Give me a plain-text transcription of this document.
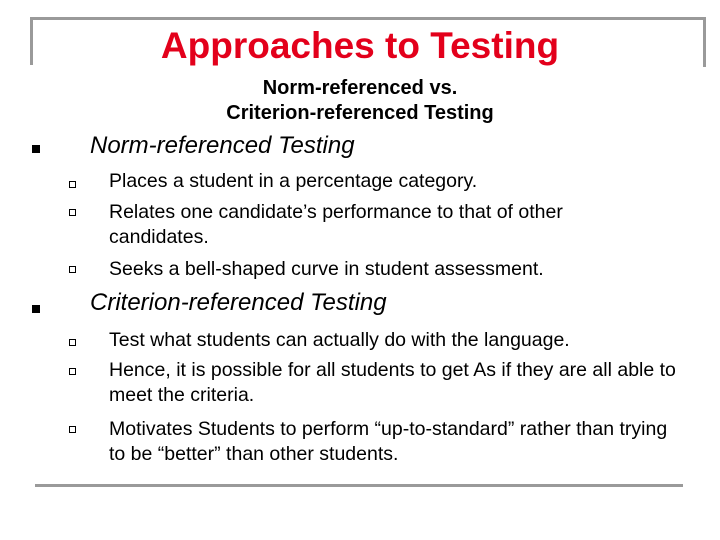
Approaches to Testing
Norm-referenced vs.
Criterion-referenced Testing
Norm-referenced Testing
Places a student in a percentage category.
Relates one candidate’s performance to that of other candidates.
Seeks a bell-shaped curve in student assessment.
Criterion-referenced Testing
Test what students can actually do with the language.
Hence, it is possible for all students to get As if they are all able to meet the criteria.
Motivates Students to perform “up-to-standard” rather than trying to be “better” than other students.
